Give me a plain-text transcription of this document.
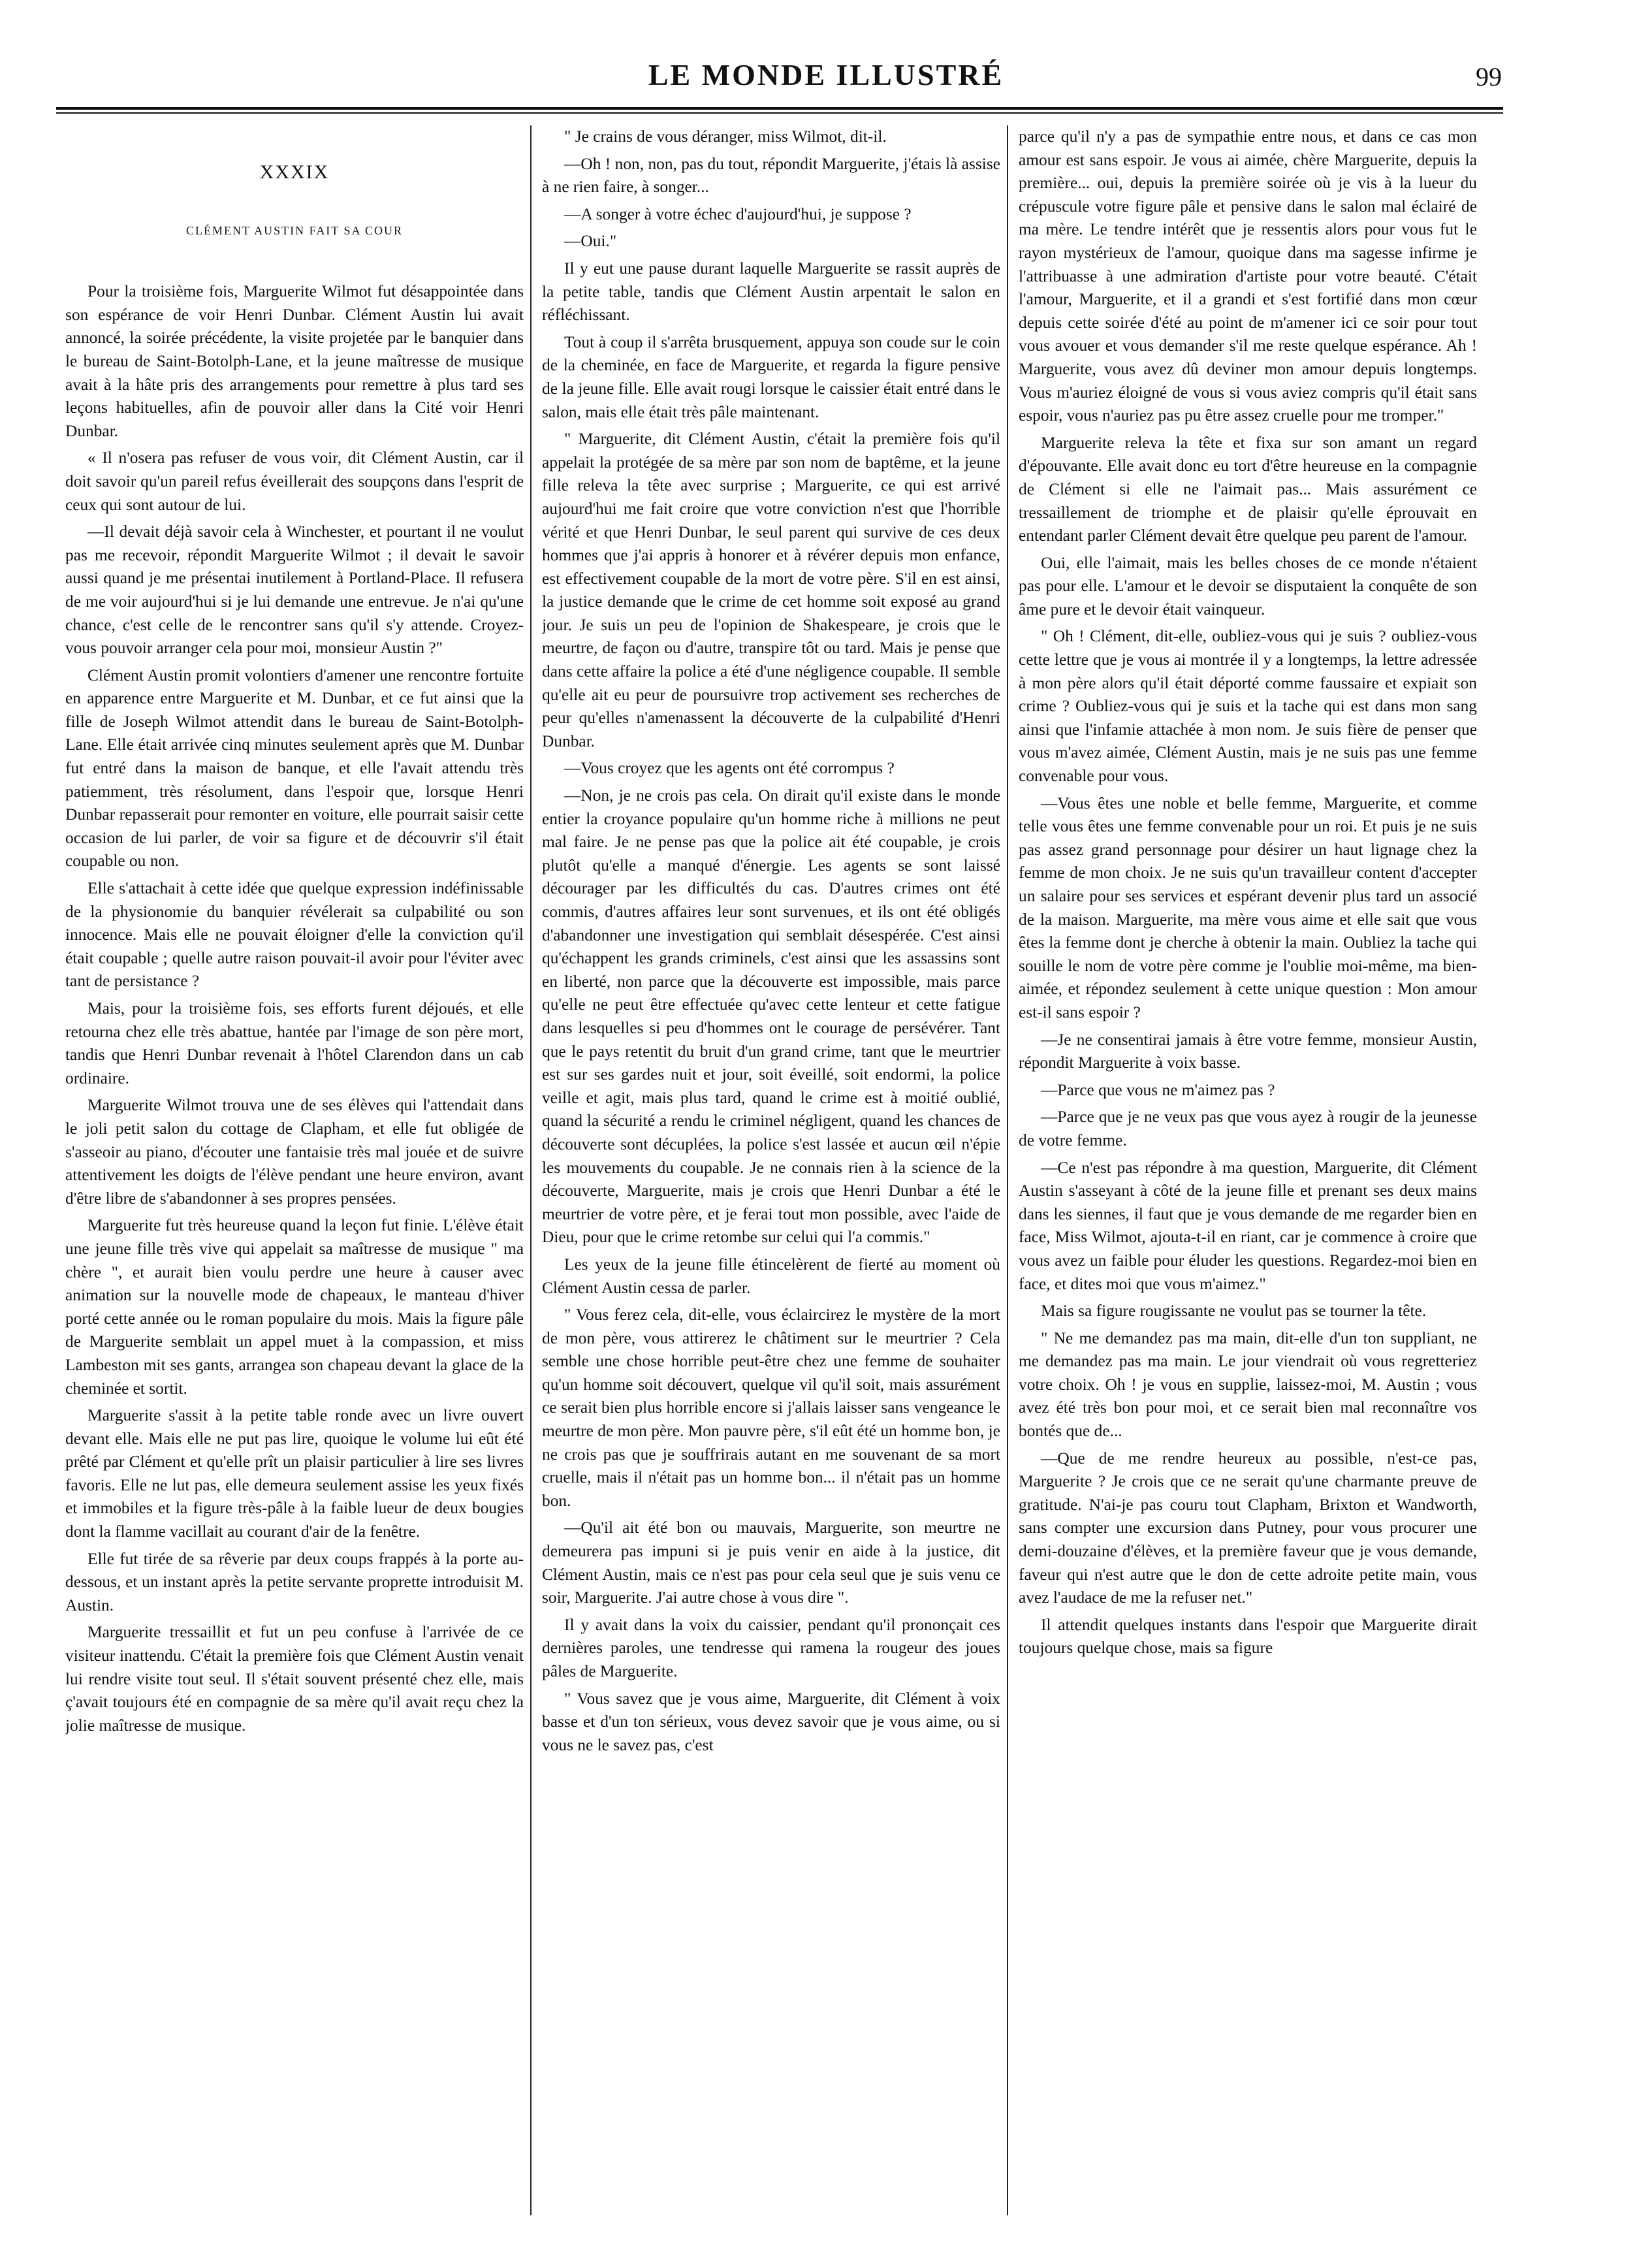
LE MONDE ILLUSTRÉ	99
XXXIX
CLÉMENT AUSTIN FAIT SA COUR

Pour la troisième fois, Marguerite Wilmot fut désappointée dans son espérance de voir Henri Dunbar. Clément Austin lui avait annoncé, la soirée précédente, la visite projetée par le banquier dans le bureau de Saint-Botolph-Lane, et la jeune maîtresse de musique avait à la hâte pris des arrangements pour remettre à plus tard ses leçons habituelles, afin de pouvoir aller dans la Cité voir Henri Dunbar.

« Il n'osera pas refuser de vous voir, dit Clément Austin, car il doit savoir qu'un pareil refus éveillerait des soupçons dans l'esprit de ceux qui sont autour de lui.

—Il devait déjà savoir cela à Winchester, et pourtant il ne voulut pas me recevoir, répondit Marguerite Wilmot ; il devait le savoir aussi quand je me présentai inutilement à Portland-Place. Il refusera de me voir aujourd'hui si je lui demande une entrevue. Je n'ai qu'une chance, c'est celle de le rencontrer sans qu'il s'y attende. Croyez-vous pouvoir arranger cela pour moi, monsieur Austin ?"

Clément Austin promit volontiers d'amener une rencontre fortuite en apparence entre Marguerite et M. Dunbar, et ce fut ainsi que la fille de Joseph Wilmot attendit dans le bureau de Saint-Botolph-Lane. Elle était arrivée cinq minutes seulement après que M. Dunbar fut entré dans la maison de banque, et elle l'avait attendu très patiemment, très résolument, dans l'espoir que, lorsque Henri Dunbar repasserait pour remonter en voiture, elle pourrait saisir cette occasion de lui parler, de voir sa figure et de découvrir s'il était coupable ou non.

Elle s'attachait à cette idée que quelque expression indéfinissable de la physionomie du banquier révélerait sa culpabilité ou son innocence. Mais elle ne pouvait éloigner d'elle la conviction qu'il était coupable ; quelle autre raison pouvait-il avoir pour l'éviter avec tant de persistance ?

Mais, pour la troisième fois, ses efforts furent déjoués, et elle retourna chez elle très abattue, hantée par l'image de son père mort, tandis que Henri Dunbar revenait à l'hôtel Clarendon dans un cab ordinaire.

Marguerite Wilmot trouva une de ses élèves qui l'attendait dans le joli petit salon du cottage de Clapham, et elle fut obligée de s'asseoir au piano, d'écouter une fantaisie très mal jouée et de suivre attentivement les doigts de l'élève pendant une heure environ, avant d'être libre de s'abandonner à ses propres pensées.

Marguerite fut très heureuse quand la leçon fut finie. L'élève était une jeune fille très vive qui appelait sa maîtresse de musique " ma chère ", et aurait bien voulu perdre une heure à causer avec animation sur la nouvelle mode de chapeaux, le manteau d'hiver porté cette année ou le roman populaire du mois. Mais la figure pâle de Marguerite semblait un appel muet à la compassion, et miss Lambeston mit ses gants, arrangea son chapeau devant la glace de la cheminée et sortit.

Marguerite s'assit à la petite table ronde avec un livre ouvert devant elle. Mais elle ne put pas lire, quoique le volume lui eût été prêté par Clément et qu'elle prît un plaisir particulier à lire ses livres favoris. Elle ne lut pas, elle demeura seulement assise les yeux fixés et immobiles et la figure très-pâle à la faible lueur de deux bougies dont la flamme vacillait au courant d'air de la fenêtre.

Elle fut tirée de sa rêverie par deux coups frappés à la porte au-dessous, et un instant après la petite servante proprette introduisit M. Austin.

Marguerite tressaillit et fut un peu confuse à l'arrivée de ce visiteur inattendu. C'était la première fois que Clément Austin venait lui rendre visite tout seul. Il s'était souvent présenté chez elle, mais ç'avait toujours été en compagnie de sa mère qu'il avait reçu chez la jolie maîtresse de musique.

" Je crains de vous déranger, miss Wilmot, dit-il.

—Oh ! non, non, pas du tout, répondit Marguerite, j'étais là assise à ne rien faire, à songer...

—A songer à votre échec d'aujourd'hui, je suppose ?

—Oui."

Il y eut une pause durant laquelle Marguerite se rassit auprès de la petite table, tandis que Clément Austin arpentait le salon en réfléchissant.

Tout à coup il s'arrêta brusquement, appuya son coude sur le coin de la cheminée, en face de Marguerite, et regarda la figure pensive de la jeune fille. Elle avait rougi lorsque le caissier était entré dans le salon, mais elle était très pâle maintenant.

" Marguerite, dit Clément Austin, c'était la première fois qu'il appelait la protégée de sa mère par son nom de baptême, et la jeune fille releva la tête avec surprise ; Marguerite, ce qui est arrivé aujourd'hui me fait croire que votre conviction n'est que l'horrible vérité et que Henri Dunbar, le seul parent qui survive de ces deux hommes que j'ai appris à honorer et à révérer depuis mon enfance, est effectivement coupable de la mort de votre père. S'il en est ainsi, la justice demande que le crime de cet homme soit exposé au grand jour. Je suis un peu de l'opinion de Shakespeare, je crois que le meurtre, de façon ou d'autre, transpire tôt ou tard. Mais je pense que dans cette affaire la police a été d'une négligence coupable. Il semble qu'elle ait eu peur de poursuivre trop activement ses recherches de peur qu'elles n'amenassent la découverte de la culpabilité d'Henri Dunbar.

—Vous croyez que les agents ont été corrompus ?

—Non, je ne crois pas cela. On dirait qu'il existe dans le monde entier la croyance populaire qu'un homme riche à millions ne peut mal faire. Je ne pense pas que la police ait été coupable, je crois plutôt qu'elle a manqué d'énergie. Les agents se sont laissé décourager par les difficultés du cas. D'autres crimes ont été commis, d'autres affaires leur sont survenues, et ils ont été obligés d'abandonner une investigation qui semblait désespérée. C'est ainsi qu'échappent les grands criminels, c'est ainsi que les assassins sont en liberté, non parce que la découverte est impossible, mais parce qu'elle ne peut être effectuée qu'avec cette lenteur et cette fatigue dans lesquelles si peu d'hommes ont le courage de persévérer. Tant que le pays retentit du bruit d'un grand crime, tant que le meurtrier est sur ses gardes nuit et jour, soit éveillé, soit endormi, la police veille et agit, mais plus tard, quand le crime est à moitié oublié, quand la sécurité a rendu le criminel négligent, quand les chances de découverte sont décuplées, la police s'est lassée et aucun œil n'épie les mouvements du coupable. Je ne connais rien à la science de la découverte, Marguerite, mais je crois que Henri Dunbar a été le meurtrier de votre père, et je ferai tout mon possible, avec l'aide de Dieu, pour que le crime retombe sur celui qui l'a commis."

Les yeux de la jeune fille étincelèrent de fierté au moment où Clément Austin cessa de parler.

" Vous ferez cela, dit-elle, vous éclaircirez le mystère de la mort de mon père, vous attirerez le châtiment sur le meurtrier ? Cela semble une chose horrible peut-être chez une femme de souhaiter qu'un homme soit découvert, quelque vil qu'il soit, mais assurément ce serait bien plus horrible encore si j'allais laisser sans vengeance le meurtre de mon père. Mon pauvre père, s'il eût été un homme bon, je ne crois pas que je souffrirais autant en me souvenant de sa mort cruelle, mais il n'était pas un homme bon... il n'était pas un homme bon.

—Qu'il ait été bon ou mauvais, Marguerite, son meurtre ne demeurera pas impuni si je puis venir en aide à la justice, dit Clément Austin, mais ce n'est pas pour cela seul que je suis venu ce soir, Marguerite. J'ai autre chose à vous dire ".

Il y avait dans la voix du caissier, pendant qu'il prononçait ces dernières paroles, une tendresse qui ramena la rougeur des joues pâles de Marguerite.

" Vous savez que je vous aime, Marguerite, dit Clément à voix basse et d'un ton sérieux, vous devez savoir que je vous aime, ou si vous ne le savez pas, c'est

parce qu'il n'y a pas de sympathie entre nous, et dans ce cas mon amour est sans espoir. Je vous ai aimée, chère Marguerite, depuis la première... oui, depuis la première soirée où je vis à la lueur du crépuscule votre figure pâle et pensive dans le salon mal éclairé de ma mère. Le tendre intérêt que je ressentis alors pour vous fut le rayon mystérieux de l'amour, quoique dans ma sagesse infirme je l'attribuasse à une admiration d'artiste pour votre beauté. C'était l'amour, Marguerite, et il a grandi et s'est fortifié dans mon cœur depuis cette soirée d'été au point de m'amener ici ce soir pour tout vous avouer et vous demander s'il me reste quelque espérance. Ah ! Marguerite, vous avez dû deviner mon amour depuis longtemps. Vous m'auriez éloigné de vous si vous aviez compris qu'il était sans espoir, vous n'auriez pas pu être assez cruelle pour me tromper."

Marguerite releva la tête et fixa sur son amant un regard d'épouvante. Elle avait donc eu tort d'être heureuse en la compagnie de Clément si elle ne l'aimait pas... Mais assurément ce tressaillement de triomphe et de plaisir qu'elle éprouvait en entendant parler Clément devait être quelque peu parent de l'amour.

Oui, elle l'aimait, mais les belles choses de ce monde n'étaient pas pour elle. L'amour et le devoir se disputaient la conquête de son âme pure et le devoir était vainqueur.

" Oh ! Clément, dit-elle, oubliez-vous qui je suis ? oubliez-vous cette lettre que je vous ai montrée il y a longtemps, la lettre adressée à mon père alors qu'il était déporté comme faussaire et expiait son crime ? Oubliez-vous qui je suis et la tache qui est dans mon sang ainsi que l'infamie attachée à mon nom. Je suis fière de penser que vous m'avez aimée, Clément Austin, mais je ne suis pas une femme convenable pour vous.

—Vous êtes une noble et belle femme, Marguerite, et comme telle vous êtes une femme convenable pour un roi. Et puis je ne suis pas assez grand personnage pour désirer un haut lignage chez la femme de mon choix. Je ne suis qu'un travailleur content d'accepter un salaire pour ses services et espérant devenir plus tard un associé de la maison. Marguerite, ma mère vous aime et elle sait que vous êtes la femme dont je cherche à obtenir la main. Oubliez la tache qui souille le nom de votre père comme je l'oublie moi-même, ma bien-aimée, et répondez seulement à cette unique question : Mon amour est-il sans espoir ?

—Je ne consentirai jamais à être votre femme, monsieur Austin, répondit Marguerite à voix basse.

—Parce que vous ne m'aimez pas ?

—Parce que je ne veux pas que vous ayez à rougir de la jeunesse de votre femme.

—Ce n'est pas répondre à ma question, Marguerite, dit Clément Austin s'asseyant à côté de la jeune fille et prenant ses deux mains dans les siennes, il faut que je vous demande de me regarder bien en face, Miss Wilmot, ajouta-t-il en riant, car je commence à croire que vous avez un faible pour éluder les questions. Regardez-moi bien en face, et dites moi que vous m'aimez."

Mais sa figure rougissante ne voulut pas se tourner la tête.

" Ne me demandez pas ma main, dit-elle d'un ton suppliant, ne me demandez pas ma main. Le jour viendrait où vous regretteriez votre choix. Oh ! je vous en supplie, laissez-moi, M. Austin ; vous avez été très bon pour moi, et ce serait bien mal reconnaître vos bontés que de...

—Que de me rendre heureux au possible, n'est-ce pas, Marguerite ? Je crois que ce ne serait qu'une charmante preuve de gratitude. N'ai-je pas couru tout Clapham, Brixton et Wandworth, sans compter une excursion dans Putney, pour vous procurer une demi-douzaine d'élèves, et la première faveur que je vous demande, faveur qui n'est autre que le don de cette adroite petite main, vous avez l'audace de me la refuser net."

Il attendit quelques instants dans l'espoir que Marguerite dirait toujours quelque chose, mais sa figure
